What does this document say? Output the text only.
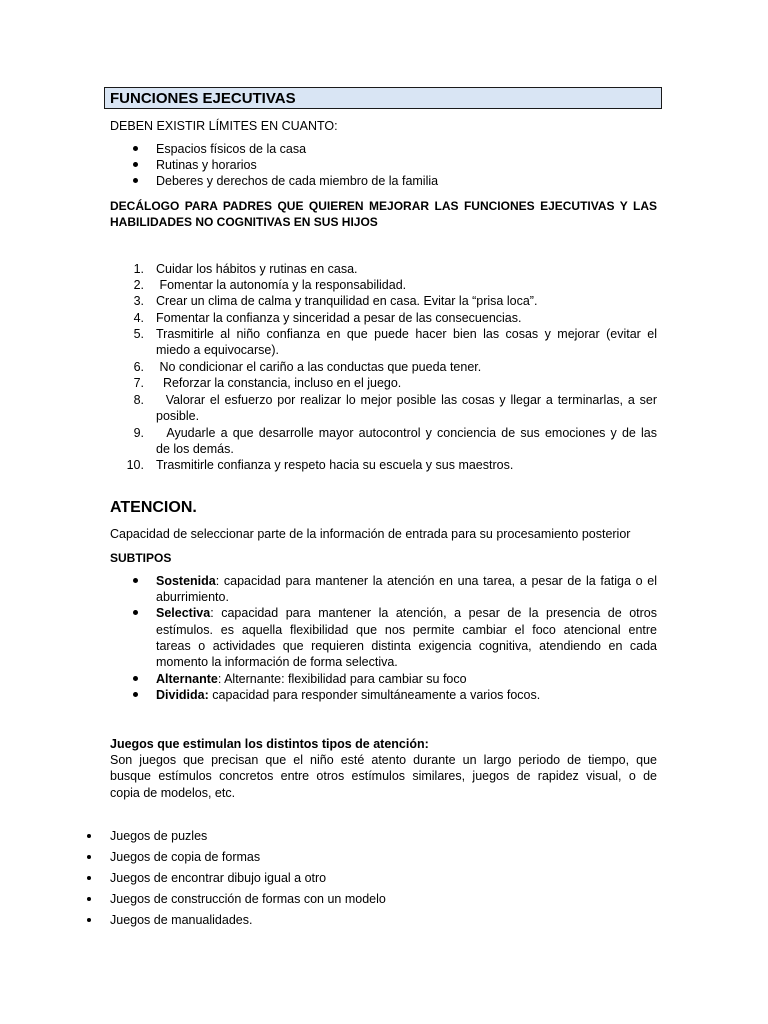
FUNCIONES EJECUTIVAS
DEBEN EXISTIR LÍMITES EN CUANTO:
Espacios físicos de la casa
Rutinas y horarios
Deberes y derechos de cada miembro de la familia
DECÁLOGO PARA PADRES QUE QUIEREN MEJORAR LAS FUNCIONES EJECUTIVAS Y LAS
HABILIDADES NO COGNITIVAS EN SUS HIJOS
1. Cuidar los hábitos y rutinas en casa.
2. Fomentar la autonomía y la responsabilidad.
3. Crear un clima de calma y tranquilidad en casa. Evitar la “prisa loca”.
4. Fomentar la confianza y sinceridad a pesar de las consecuencias.
5. Trasmitirle al niño confianza en que puede hacer bien las cosas y mejorar (evitar el
miedo a equivocarse).
6. No condicionar el cariño a las conductas que pueda tener.
7. Reforzar la constancia, incluso en el juego.
8. Valorar el esfuerzo por realizar lo mejor posible las cosas y llegar a terminarlas, a ser
posible.
9. Ayudarle a que desarrolle mayor autocontrol y conciencia de sus emociones y de las
de los demás.
10. Trasmitirle confianza y respeto hacia su escuela y sus maestros.
ATENCION.
Capacidad de seleccionar parte de la información de entrada para su procesamiento posterior
SUBTIPOS
Sostenida: capacidad para mantener la atención en una tarea, a pesar de la fatiga o el
aburrimiento.
Selectiva: capacidad para mantener la atención, a pesar de la presencia de otros
estímulos. es aquella flexibilidad que nos permite cambiar el foco atencional entre
tareas o actividades que requieren distinta exigencia cognitiva, atendiendo en cada
momento la información de forma selectiva.
Alternante: Alternante: flexibilidad para cambiar su foco
Dividida: capacidad para responder simultáneamente a varios focos.
Juegos que estimulan los distintos tipos de atención:
Son juegos que precisan que el niño esté atento durante un largo periodo de tiempo, que
busque estímulos concretos entre otros estímulos similares, juegos de rapidez visual, o de
copia de modelos, etc.
Juegos de puzles
Juegos de copia de formas
Juegos de encontrar dibujo igual a otro
Juegos de construcción de formas con un modelo
Juegos de manualidades.
